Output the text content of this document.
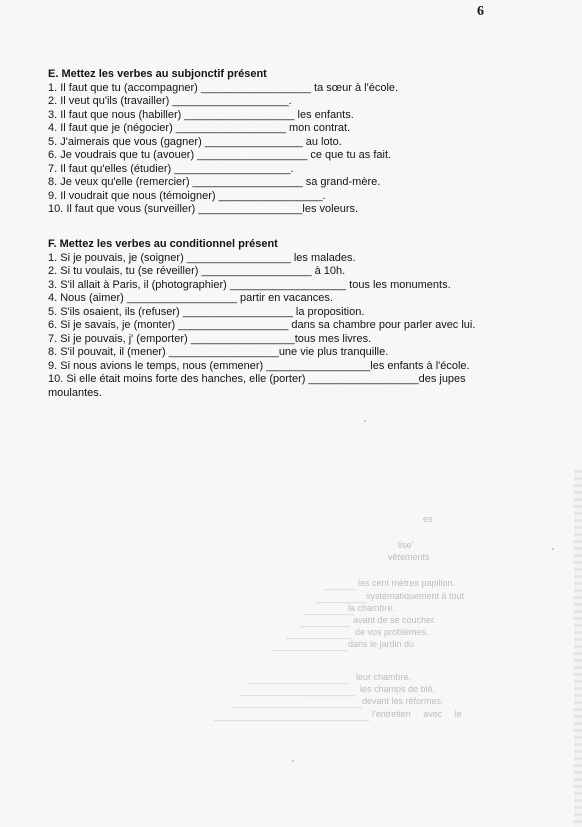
6
E. Mettez les verbes au subjonctif présent
1. Il faut que tu (accompagner) __________________ ta sœur à l'école.
2. Il veut qu'ils (travailler) ___________________.
3. Il faut que nous (habiller) __________________ les enfants.
4. Il faut que je (négocier) __________________ mon contrat.
5. J'aimerais que vous (gagner) ________________ au loto.
6. Je voudrais que tu (avouer) __________________ ce que tu as fait.
7. Il faut qu'elles (étudier) ___________________.
8. Je veux qu'elle (remercier) __________________ sa grand-mère.
9. Il voudrait que nous (témoigner) _________________.
10. Il faut que vous (surveiller) _________________les voleurs.
F. Mettez les verbes au conditionnel présent
1. Si je pouvais, je (soigner) _________________ les malades.
2. Si tu voulais, tu (se réveiller) __________________ à 10h.
3. S'il allait à Paris, il (photographier) ___________________ tous les monuments.
4. Nous (aimer) __________________ partir en vacances.
5. S'ils osaient, ils (refuser) __________________ la proposition.
6. Si je savais, je (monter) __________________ dans sa chambre pour parler avec lui.
7. Si je pouvais, j' (emporter) _________________tous mes livres.
8. S'il pouvait, il (mener) __________________une vie plus tranquille.
9. Si nous avions le temps, nous (emmener) _________________les enfants à l'école.
10. Si elle était moins forte des hanches, elle (porter) __________________des jupes moulantes.
es
lise'
vêtements
______ les cent mètres papillon.
__________ systématiquement à tout
__________
la chambre.
__________ avant de se coucher.
_____________ de vos problèmes.
_______________ dans le jardin du
____________________ leur chambre.
_______________________ les champs de blé.
__________________________ devant les réformes.
_______________________________ l'entretien     avec     le
